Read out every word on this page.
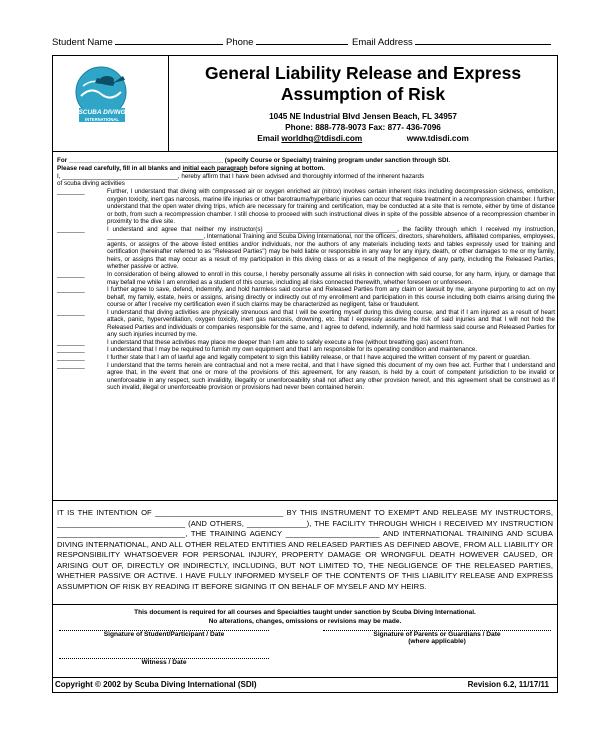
Student Name	Phone	Email Address
SCUBA DIVING
INTERNATIONAL
General Liability Release and Express
Assumption of Risk
1045 NE Industrial Blvd Jensen Beach, FL 34957
Phone: 888-778-9073 Fax: 877- 436-7096
Email worldhq@tdisdi.com	www.tdisdi.com
For ____________________________________________ (specify Course or Specialty) training program under sanction through SDI.
Please read carefully, fill in all blanks and initial each paragraph before signing at bottom.
I, _________________________________, hereby affirm that I have been advised and thoroughly informed of the inherent hazards
of scuba diving activities
________	Further, I understand that diving with compressed air or oxygen enriched air (nitrox) involves certain inherent risks including decompression sickness, embolism, oxygen toxicity, inert gas narcosis, marine life injuries or other barotrauma/hyperbaric injuries can occur that require treatment in a recompression chamber. I further understand that the open water diving trips, which are necessary for training and certification, may be conducted at a site that is remote, either by time of distance or both, from such a recompression chamber. I still choose to proceed with such instructional dives in spite of the possible absence of a recompression chamber in proximity to the dive site.
________	I understand and agree that neither my instructor(s) ______________________________________, the facility through which I received my instruction, ____________________________, International Training and Scuba Diving International, nor the officers, directors, shareholders, affiliated companies, employees, agents, or assigns of the above listed entities and/or individuals, nor the authors of any materials including texts and tables expressly used for training and certification (hereinafter referred to as "Released Parties") may be held liable or responsible in any way for any injury, death, or other damages to me or my family, heirs, or assigns that may occur as a result of my participation in this diving class or as a result of the negligence of any party, including the Released Parties, whether passive or active.
________	In consideration of being allowed to enroll in this course, I hereby personally assume all risks in connection with said course, for any harm, injury, or damage that may befall me while I am enrolled as a student of this course, including all risks connected therewith, whether foreseen or unforeseen.
________	I further agree to save, defend, indemnify, and hold harmless said course and Released Parties from any claim or lawsuit by me, anyone purporting to act on my behalf, my family, estate, heirs or assigns, arising directly or indirectly out of my enrollment and participation in this course including both claims arising during the course or after I receive my certification even if such claims may be characterized as negligent, false or fraudulent.
________	I understand that diving activities are physically strenuous and that I will be exerting myself during this diving course, and that if I am injured as a result of heart attack, panic, hyperventilation, oxygen toxicity, inert gas narcosis, drowning, etc. that I expressly assume the risk of said injuries and that I will not hold the Released Parties and individuals or companies responsible for the same, and I agree to defend, indemnify, and hold harmless said course and Released Parties for any such injuries incurred by me.
________	I understand that these activities may place me deeper than I am able to safely execute a free (without breathing gas) ascent from.
________	I understand that I may be required to furnish my own equipment and that I am responsible for its operating condition and maintenance.
________	I further state that I am of lawful age and legally competent to sign this liability release, or that I have acquired the written consent of my parent or guardian.
________	I understand that the terms herein are contractual and not a mere recital, and that I have signed this document of my own free act. Further that I understand and agree that, in the event that one or more of the provisions of this agreement, for any reason, is held by a court of competent jurisdiction to be invalid or unenforceable in any respect, such invalidity, illegality or unenforceability shall not affect any other provision hereof, and this agreement shall be construed as if such invalid, illegal or unenforceable provision or provisions had never been contained herein.
IT IS THE INTENTION OF ______________________________ BY THIS INSTRUMENT TO EXEMPT AND RELEASE MY INSTRUCTORS, ______________________________ (AND OTHERS, ______________), THE FACILITY THROUGH WHICH I RECEIVED MY INSTRUCTION ______________________________, THE TRAINING AGENCY ______________________ AND INTERNATIONAL TRAINING AND SCUBA DIVING INTERNATIONAL, AND ALL OTHER RELATED ENTITIES AND RELEASED PARTIES AS DEFINED ABOVE, FROM ALL LIABILITY OR RESPONSIBILITY WHATSOEVER FOR PERSONAL INJURY, PROPERTY DAMAGE OR WRONGFUL DEATH HOWEVER CAUSED, OR ARISING OUT OF, DIRECTLY OR INDIRECTLY, INCLUDING, BUT NOT LIMITED TO, THE NEGLIGENCE OF THE RELEASED PARTIES, WHETHER PASSIVE OR ACTIVE. I HAVE FULLY INFORMED MYSELF OF THE CONTENTS OF THIS LIABILITY RELEASE AND EXPRESS ASSUMPTION OF RISK BY READING IT BEFORE SIGNING IT ON BEHALF OF MYSELF AND MY HEIRS.
This document is required for all courses and Specialties taught under sanction by Scuba Diving International.
No alterations, changes, omissions or revisions may be made.
Signature of Student/Participant / Date	Signature of Parents or Guardians / Date
(where applicable)
Witness / Date
Copyright © 2002 by Scuba Diving International (SDI)	Revision 6.2, 11/17/11
